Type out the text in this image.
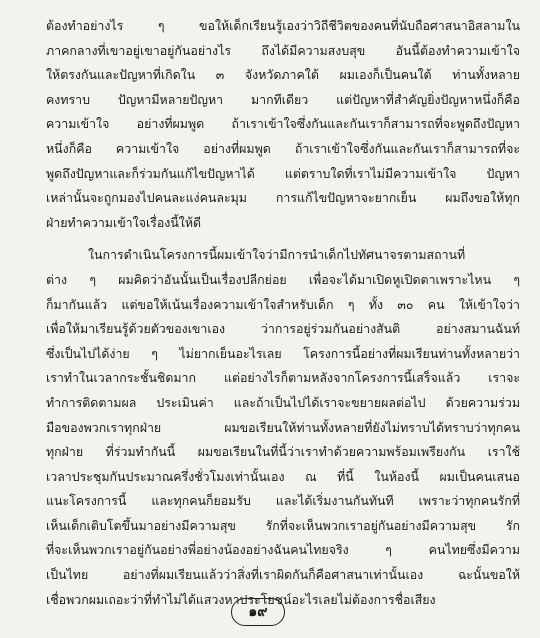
ต้องทำอย่างไร ๆ ขอให้เด็กเรียนรู้เองว่าวิถีชีวิตของคนที่นับถือศาสนาอิสลามใน
ภาคกลางที่เขาอยู่เขาอยู่กันอย่างไร ถึงได้มีความสงบสุข อันนี้ต้องทำความเข้าใจ
ให้ตรงกันและปัญหาที่เกิดใน ๓ จังหวัดภาคใต้ ผมเองก็เป็นคนใต้ ท่านทั้งหลาย
คงทราบ ปัญหามีหลายปัญหา มากทีเดียว แต่ปัญหาที่สำคัญยิ่งปัญหาหนึ่งก็คือ
ความเข้าใจ อย่างที่ผมพูด ถ้าเราเข้าใจซึ่งกันและกันเราก็สามารถที่จะพูดถึงปัญหา
หนึ่งก็คือ ความเข้าใจ อย่างที่ผมพูด ถ้าเราเข้าใจซึ่งกันและกันเราก็สามารถที่จะ
พูดถึงปัญหาและก็ร่วมกันแก้ไขปัญหาได้ แต่ตราบใดที่เราไม่มีความเข้าใจ ปัญหา
เหล่านั้นจะถูกมองไปคนละแง่คนละมุม การแก้ไขปัญหาจะยากเย็น ผมถึงขอให้ทุก
ฝ่ายทำความเข้าใจเรื่องนี้ให้ดี
ในการดำเนินโครงการนี้ผมเข้าใจว่ามีการนำเด็กไปทัศนาจรตามสถานที่
ต่าง ๆ ผมคิดว่าอันนั้นเป็นเรื่องปลีกย่อย เพื่อจะได้มาเปิดหูเปิดตาเพราะไหน ๆ
ก็มากันแล้ว แต่ขอให้เน้นเรื่องความเข้าใจสำหรับเด็ก ๆ ทั้ง ๓๐ คน ให้เข้าใจว่า
เพื่อให้มาเรียนรู้ด้วยตัวของเขาเอง ว่าการอยู่ร่วมกันอย่างสันติ อย่างสมานฉันท์
ซึ่งเป็นไปได้ง่าย ๆ ไม่ยากเย็นอะไรเลย โครงการนี้อย่างที่ผมเรียนท่านทั้งหลายว่า
เราทำในเวลากระชั้นชิดมาก แต่อย่างไรก็ตามหลังจากโครงการนี้เสร็จแล้ว เราจะ
ทำการติดตามผล ประเมินค่า และถ้าเป็นไปได้เราจะขยายผลต่อไป ด้วยความร่วม
มือของพวกเราทุกฝ่าย ผมขอเรียนให้ท่านทั้งหลายที่ยังไม่ทราบได้ทราบว่าทุกคน
ทุกฝ่าย ที่ร่วมทำกันนี้ ผมขอเรียนในที่นี้ว่าเราทำด้วยความพร้อมเพรียงกัน เราใช้
เวลาประชุมกันประมาณครึ่งชั่วโมงเท่านั้นเอง ณ ที่นี้ ในห้องนี้ ผมเป็นคนเสนอ
แนะโครงการนี้ และทุกคนก็ยอมรับ และได้เริ่มงานกันทันที เพราะว่าทุกคนรักที่
เห็นเด็กเติบโตขึ้นมาอย่างมีความสุข รักที่จะเห็นพวกเราอยู่กันอย่างมีความสุข รัก
ที่จะเห็นพวกเราอยู่กันอย่างพี่อย่างน้องอย่างฉันคนไทยจริง ๆ คนไทยซึ่งมีความ
เป็นไทย อย่างที่ผมเรียนแล้วว่าสิ่งที่เราผิดกันก็คือศาสนาเท่านั้นเอง ฉะนั้นขอให้
เชื่อพวกผมเถอะว่าที่ทำไม่ได้แสวงหาประโยชน์อะไรเลยไม่ต้องการชื่อเสียง
๑๙
